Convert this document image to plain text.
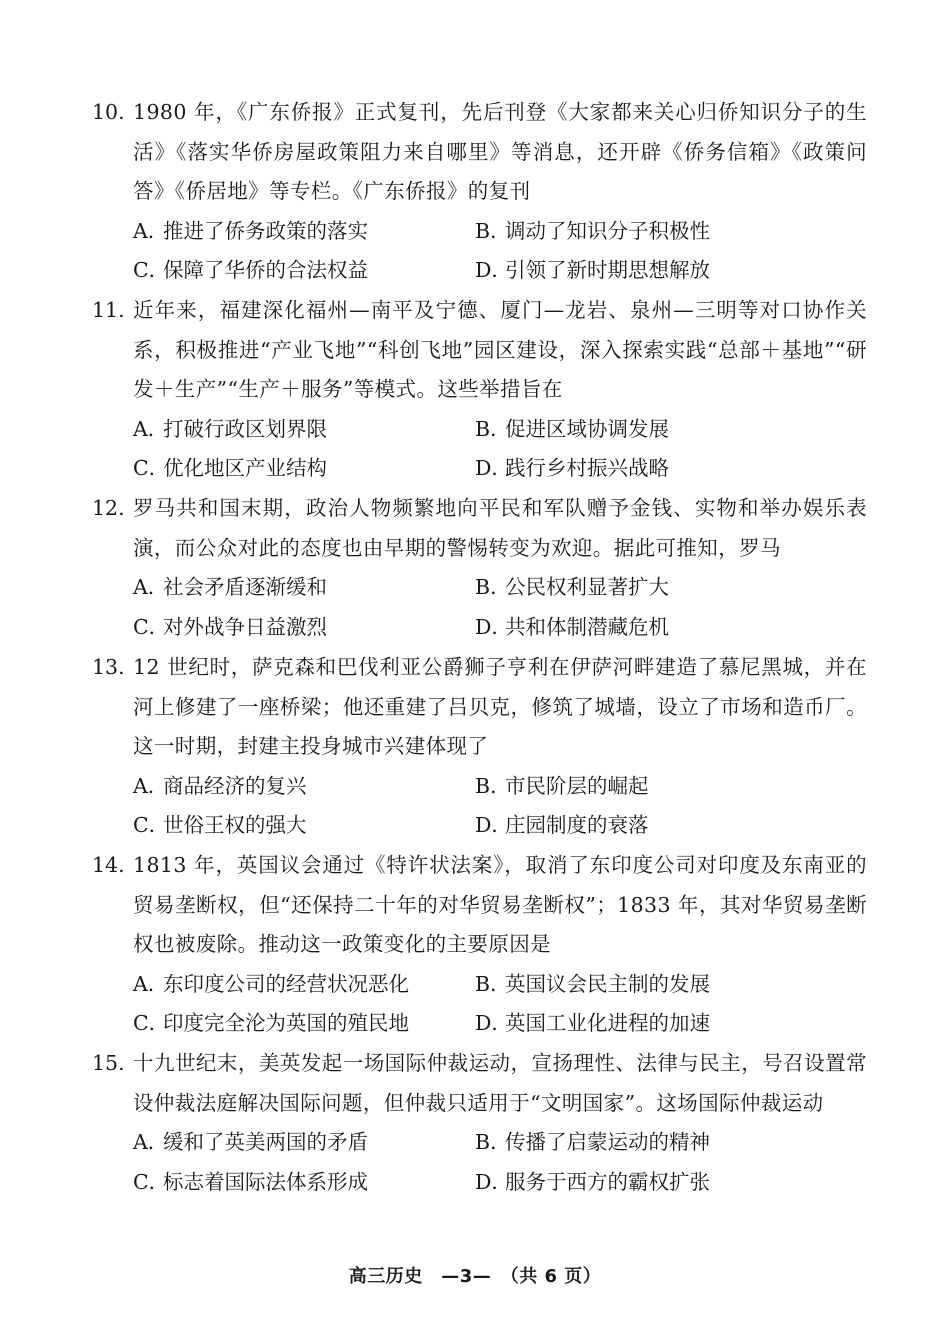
10. 1980 年，《广东侨报》正式复刊，先后刊登《大家都来关心归侨知识分子的生活》《落实华侨房屋政策阻力来自哪里》等消息，还开辟《侨务信箱》《政策问答》《侨居地》等专栏。《广东侨报》的复刊
A．
推进了侨务政策的落实	B．
调动了知识分子积极性
C．
保障了华侨的合法权益	D．
引领了新时期思想解放
11. 近年来，福建深化福州—南平及宁德、厦门—龙岩、泉州—三明等对口协作关系，积极推进“产业飞地”“科创飞地”园区建设，深入探索实践“总部＋基地”“研发＋生产”“生产＋服务”等模式。这些举措旨在
A．
打破行政区划界限	B．
促进区域协调发展
C．
优化地区产业结构	D．
践行乡村振兴战略
12. 罗马共和国末期，政治人物频繁地向平民和军队赠予金钱、实物和举办娱乐表演，而公众对此的态度也由早期的警惕转变为欢迎。据此可推知，罗马
A．
社会矛盾逐渐缓和	B．
公民权利显著扩大
C．
对外战争日益激烈	D．
共和体制潜藏危机
13. 12 世纪时，萨克森和巴伐利亚公爵狮子亨利在伊萨河畔建造了慕尼黑城，并在河上修建了一座桥梁；他还重建了吕贝克，修筑了城墙，设立了市场和造币厂。这一时期，封建主投身城市兴建体现了
A．
商品经济的复兴	B．
市民阶层的崛起
C．
世俗王权的强大	D．
庄园制度的衰落
14. 1813 年，英国议会通过《特许状法案》，取消了东印度公司对印度及东南亚的贸易垄断权，但“还保持二十年的对华贸易垄断权”；1833 年，其对华贸易垄断权也被废除。推动这一政策变化的主要原因是
A．
东印度公司的经营状况恶化	B．
英国议会民主制的发展
C．
印度完全沦为英国的殖民地	D．
英国工业化进程的加速
15. 十九世纪末，美英发起一场国际仲裁运动，宣扬理性、法律与民主，号召设置常设仲裁法庭解决国际问题，但仲裁只适用于“文明国家”。这场国际仲裁运动
A．
缓和了英美两国的矛盾	B．
传播了启蒙运动的精神
C．
标志着国际法体系形成	D．
服务于西方的霸权扩张
高三历史　—3—　（共 6 页）
